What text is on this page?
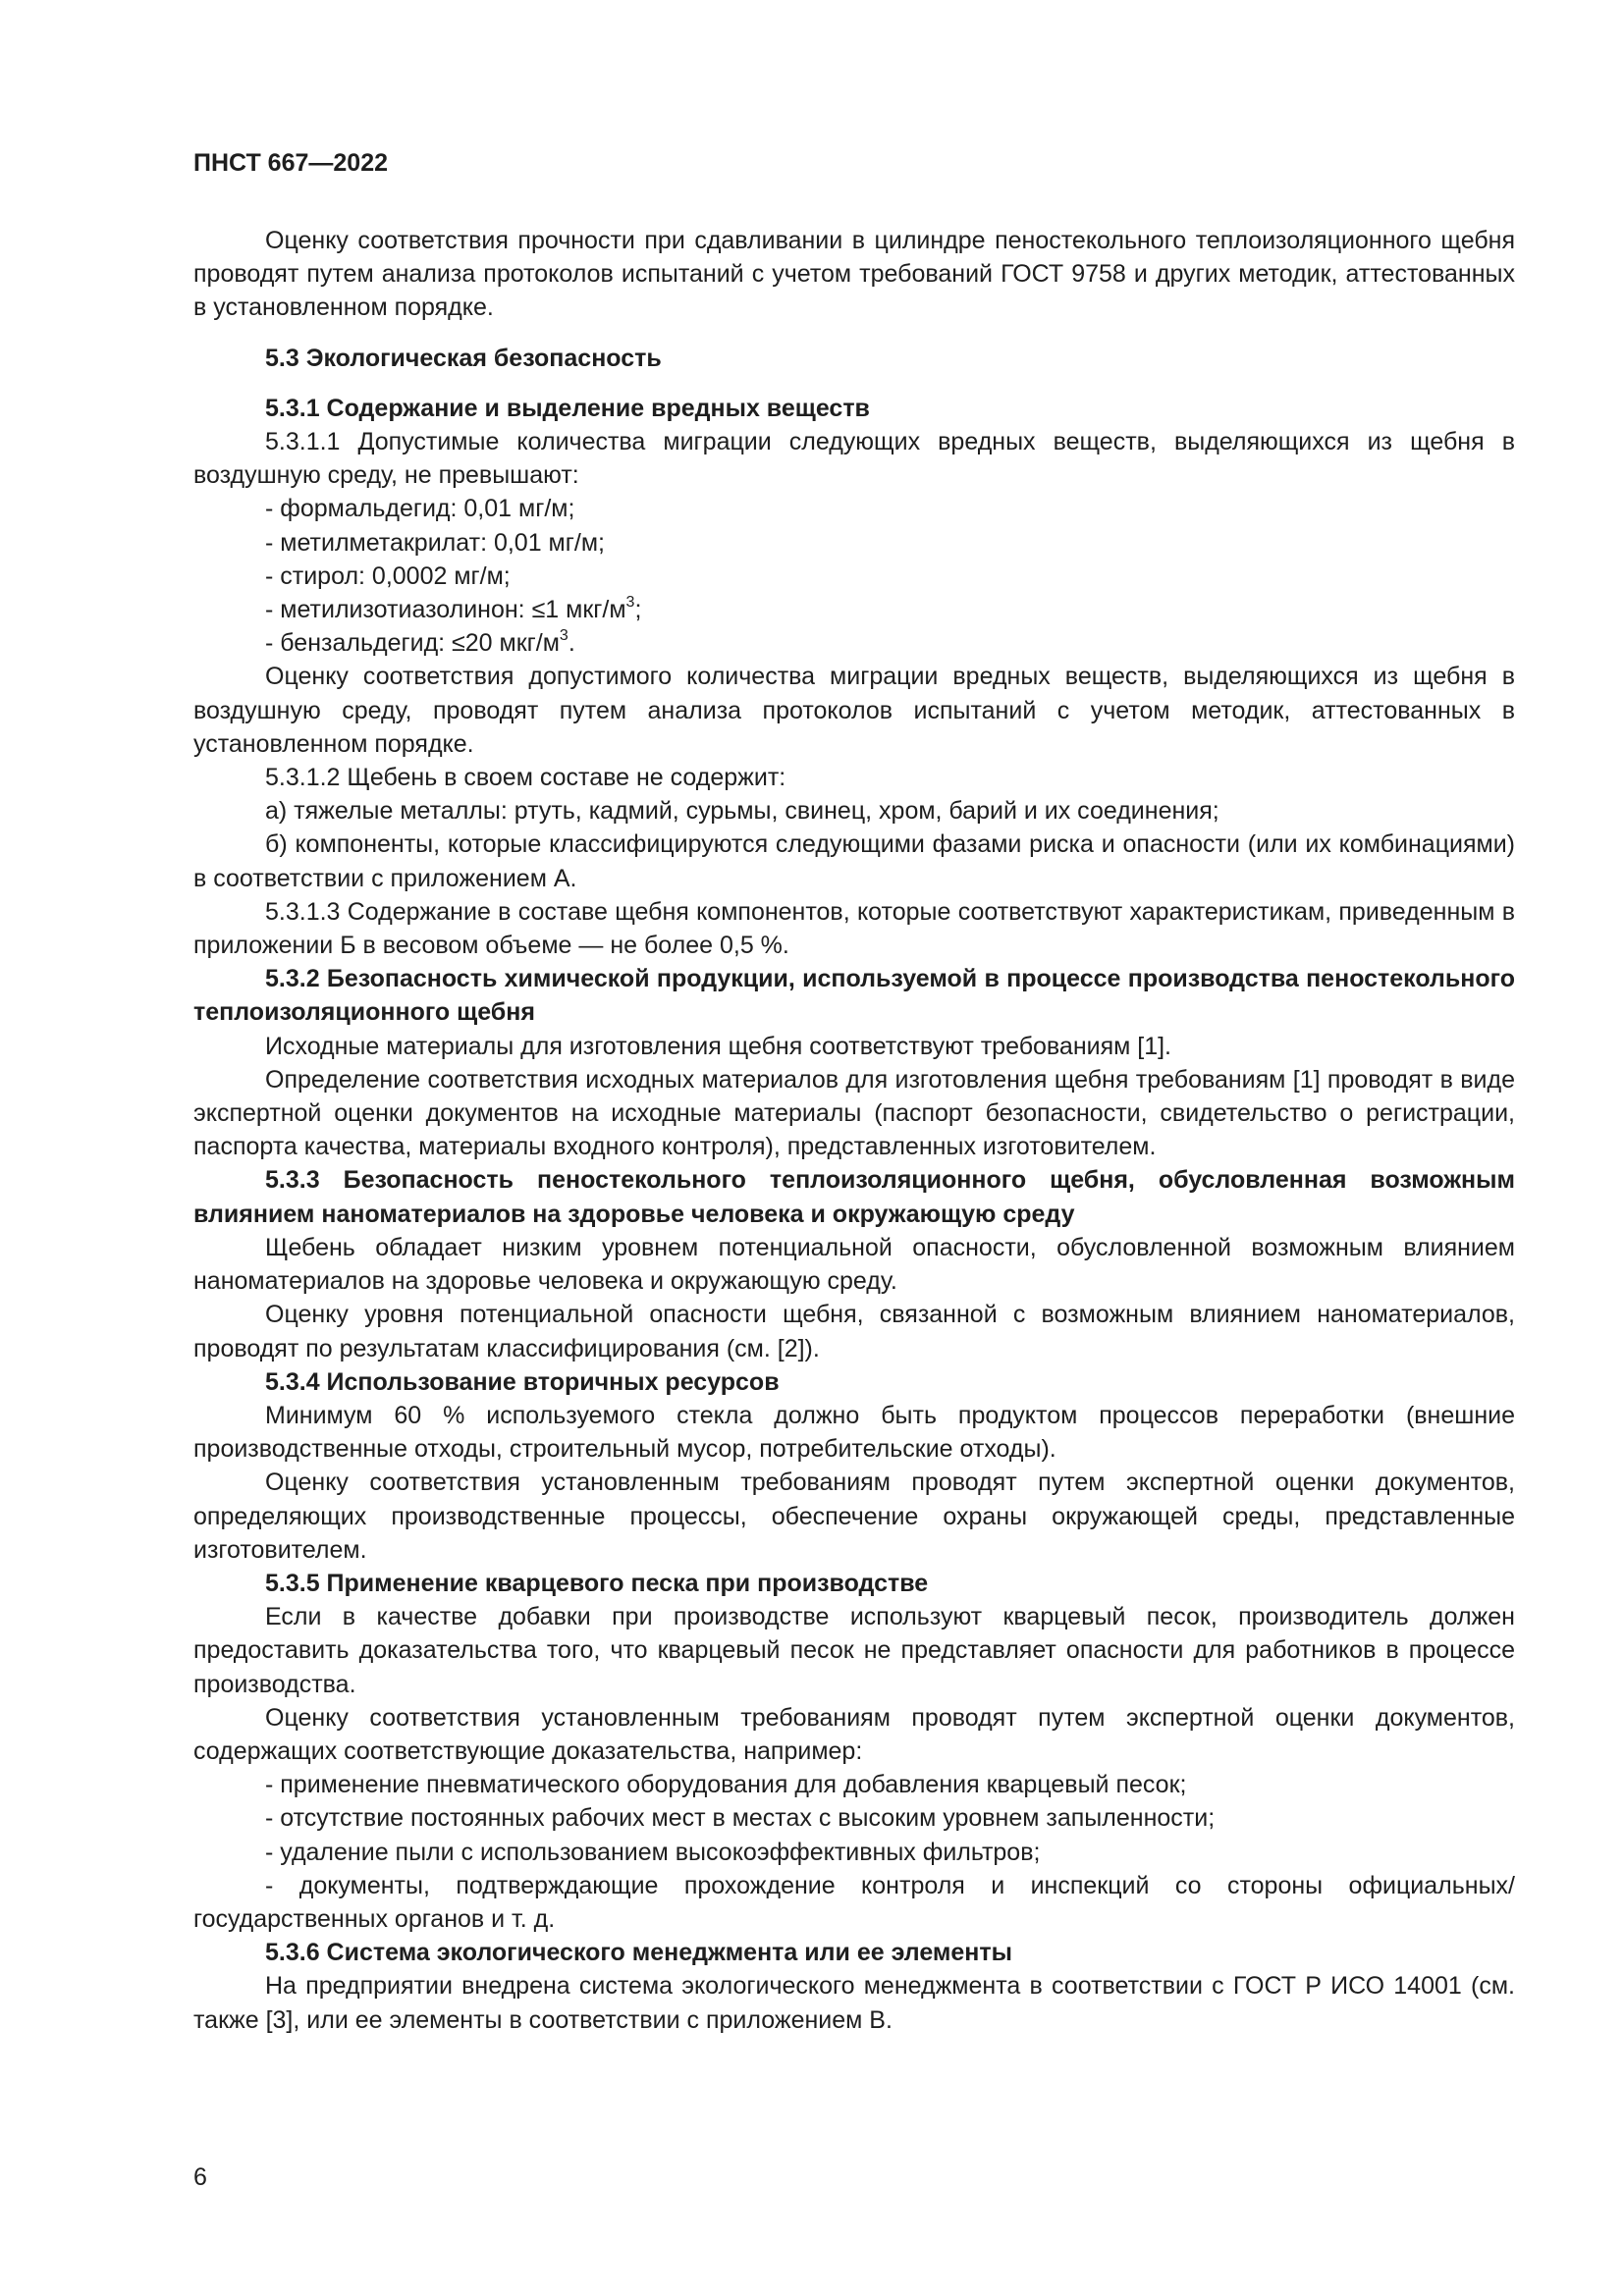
ПНСТ 667—2022

Оценку соответствия прочности при сдавливании в цилиндре пеностекольного теплоизоляционного щебня проводят путем анализа протоколов испытаний с учетом требований ГОСТ 9758 и других методик, аттестованных в установленном порядке.

5.3 Экологическая безопасность

5.3.1 Содержание и выделение вредных веществ

5.3.1.1 Допустимые количества миграции следующих вредных веществ, выделяющихся из щебня в воздушную среду, не превышают:

- формальдегид: 0,01 мг/м;

- метилметакрилат: 0,01 мг/м;

- стирол: 0,0002 мг/м;

- метилизотиазолинон: ≤1 мкг/$м^3$;

- бензальдегид: ≤20 мкг/$м^3$.

Оценку соответствия допустимого количества миграции вредных веществ, выделяющихся из щебня в воздушную среду, проводят путем анализа протоколов испытаний с учетом методик, аттестованных в установленном порядке.

5.3.1.2 Щебень в своем составе не содержит:

а) тяжелые металлы: ртуть, кадмий, сурьмы, свинец, хром, барий и их соединения;

б) компоненты, которые классифицируются следующими фазами риска и опасности (или их комбинациями) в соответствии с приложением А.

5.3.1.3 Содержание в составе щебня компонентов, которые соответствуют характеристикам, приведенным в приложении Б в весовом объеме — не более 0,5 %.

5.3.2 Безопасность химической продукции, используемой в процессе производства пеностекольного теплоизоляционного щебня

Исходные материалы для изготовления щебня соответствуют требованиям [1].

Определение соответствия исходных материалов для изготовления щебня требованиям [1] проводят в виде экспертной оценки документов на исходные материалы (паспорт безопасности, свидетельство о регистрации, паспорта качества, материалы входного контроля), представленных изготовителем.

5.3.3 Безопасность пеностекольного теплоизоляционного щебня, обусловленная возможным влиянием наноматериалов на здоровье человека и окружающую среду

Щебень обладает низким уровнем потенциальной опасности, обусловленной возможным влиянием наноматериалов на здоровье человека и окружающую среду.

Оценку уровня потенциальной опасности щебня, связанной с возможным влиянием наноматериалов, проводят по результатам классифицирования (см. [2]).

5.3.4 Использование вторичных ресурсов

Минимум 60 % используемого стекла должно быть продуктом процессов переработки (внешние производственные отходы, строительный мусор, потребительские отходы).

Оценку соответствия установленным требованиям проводят путем экспертной оценки документов, определяющих производственные процессы, обеспечение охраны окружающей среды, представленные изготовителем.

5.3.5 Применение кварцевого песка при производстве

Если в качестве добавки при производстве используют кварцевый песок, производитель должен предоставить доказательства того, что кварцевый песок не представляет опасности для работников в процессе производства.

Оценку соответствия установленным требованиям проводят путем экспертной оценки документов, содержащих соответствующие доказательства, например:

- применение пневматического оборудования для добавления кварцевый песок;

- отсутствие постоянных рабочих мест в местах с высоким уровнем запыленности;

- удаление пыли с использованием высокоэффективных фильтров;

- документы, подтверждающие прохождение контроля и инспекций со стороны официальных/государственных органов и т. д.

5.3.6 Система экологического менеджмента или ее элементы

На предприятии внедрена система экологического менеджмента в соответствии с ГОСТ Р ИСО 14001 (см. также [3], или ее элементы в соответствии с приложением В.

6
